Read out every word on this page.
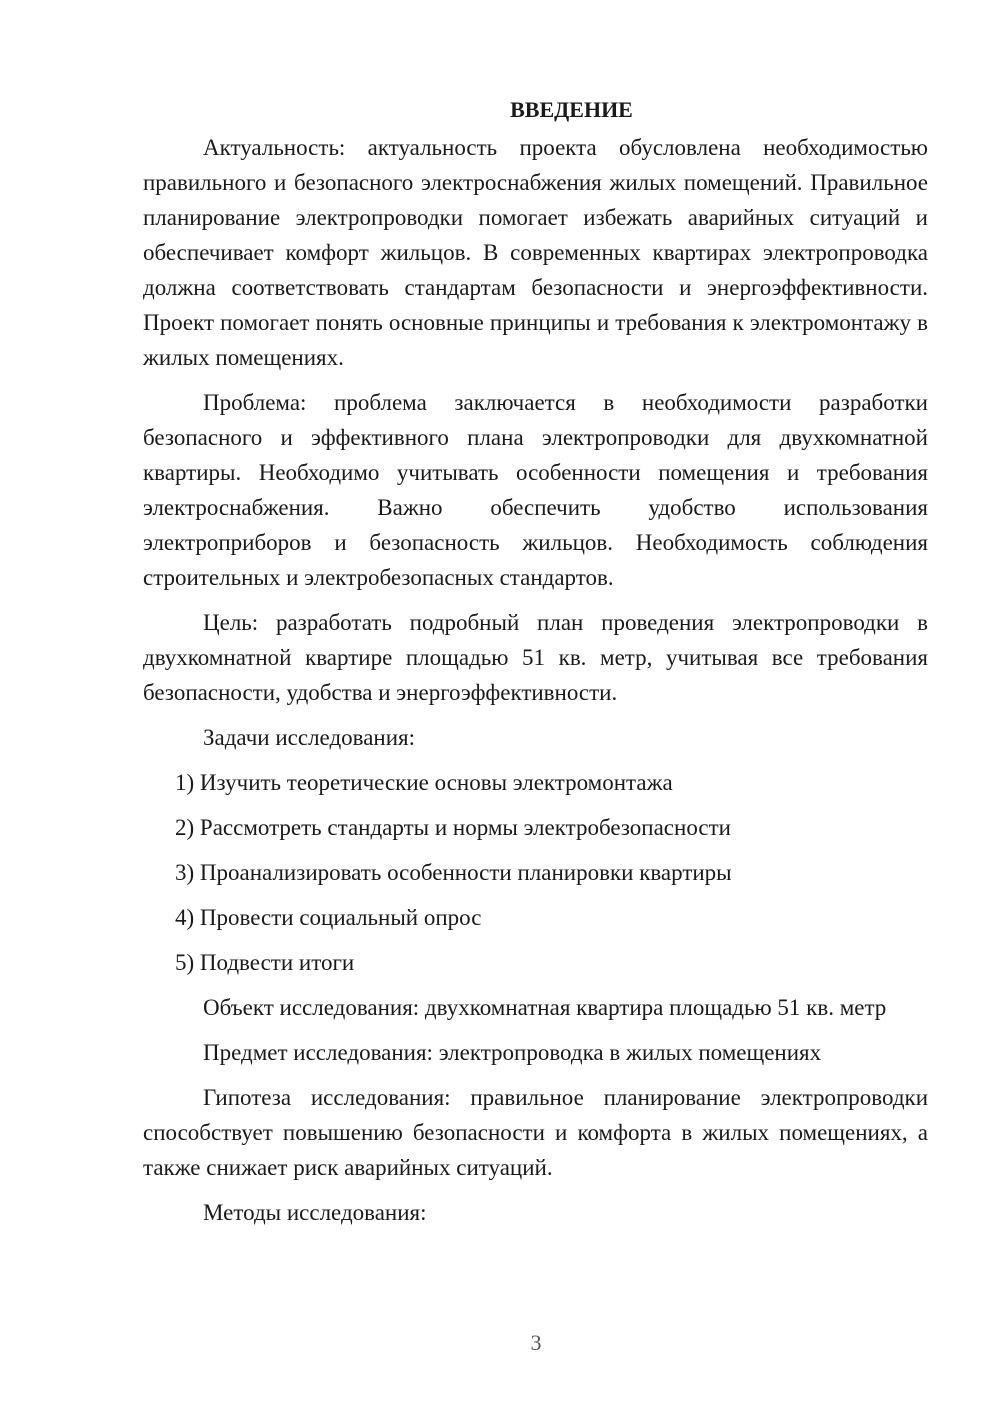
ВВЕДЕНИЕ

Актуальность: актуальность проекта обусловлена необходимостью правильного и безопасного электроснабжения жилых помещений. Правильное планирование электропроводки помогает избежать аварийных ситуаций и обеспечивает комфорт жильцов. В современных квартирах электропроводка должна соответствовать стандартам безопасности и энергоэффективности. Проект помогает понять основные принципы и требования к электромонтажу в жилых помещениях.

Проблема: проблема заключается в необходимости разработки безопасного и эффективного плана электропроводки для двухкомнатной квартиры. Необходимо учитывать особенности помещения и требования электроснабжения. Важно обеспечить удобство использования электроприборов и безопасность жильцов. Необходимость соблюдения строительных и электробезопасных стандартов.

Цель: разработать подробный план проведения электропроводки в двухкомнатной квартире площадью 51 кв. метр, учитывая все требования безопасности, удобства и энергоэффективности.

Задачи исследования:
1) Изучить теоретические основы электромонтажа
2) Рассмотреть стандарты и нормы электробезопасности
3) Проанализировать особенности планировки квартиры
4) Провести социальный опрос
5) Подвести итоги

Объект исследования: двухкомнатная квартира площадью 51 кв. метр

Предмет исследования: электропроводка в жилых помещениях

Гипотеза исследования: правильное планирование электропроводки способствует повышению безопасности и комфорта в жилых помещениях, а также снижает риск аварийных ситуаций.

Методы исследования:
3
